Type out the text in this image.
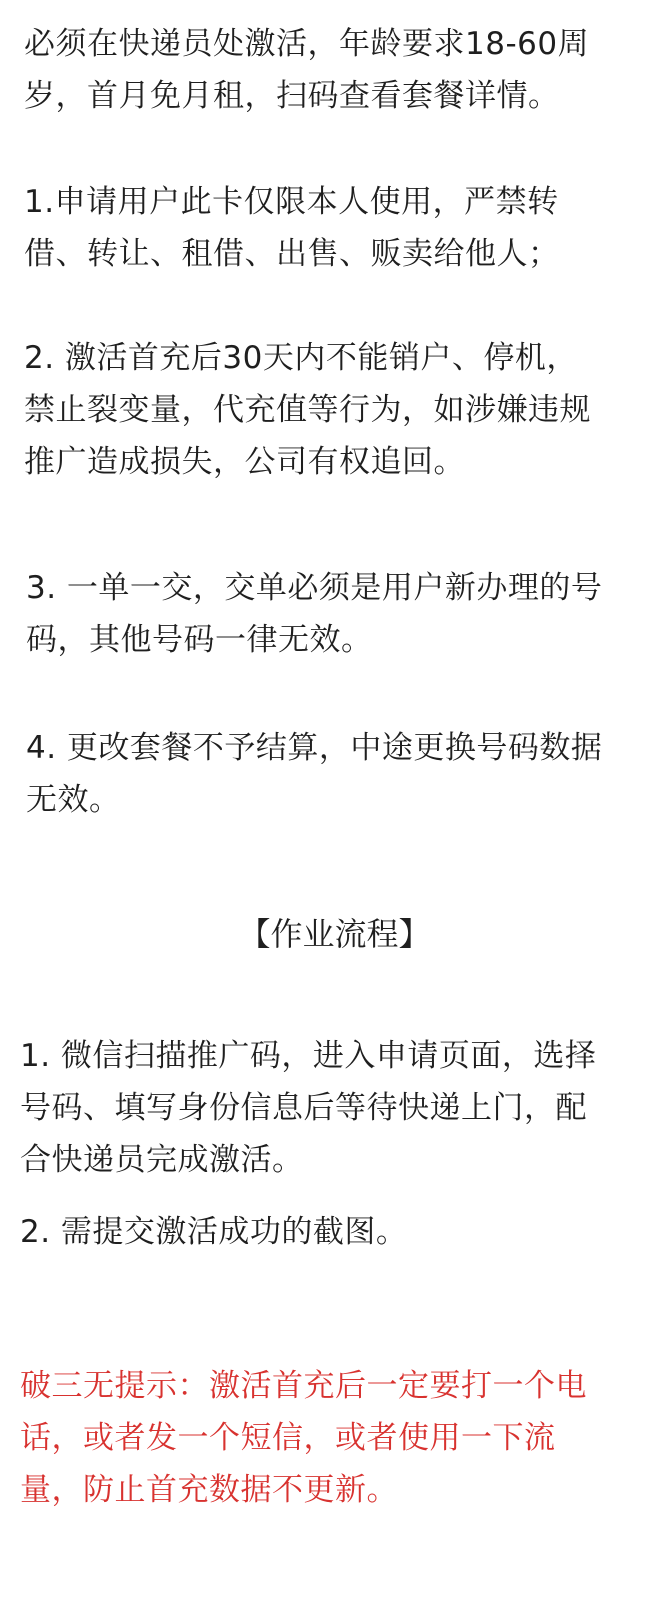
必须在快递员处激活，年龄要求18-60周
岁，首月免月租，扫码查看套餐详情。
1.申请用户此卡仅限本人使用，严禁转
借、转让、租借、出售、贩卖给他人；
2. 激活首充后30天内不能销户、停机，
禁止裂变量，代充值等行为，如涉嫌违规
推广造成损失，公司有权追回。
3. 一单一交，交单必须是用户新办理的号
码，其他号码一律无效。
4. 更改套餐不予结算，中途更换号码数据
无效。
【作业流程】
1. 微信扫描推广码，进入申请页面，选择
号码、填写身份信息后等待快递上门，配
合快递员完成激活。
2. 需提交激活成功的截图。
破三无提示：激活首充后一定要打一个电
话，或者发一个短信，或者使用一下流
量，防止首充数据不更新。
